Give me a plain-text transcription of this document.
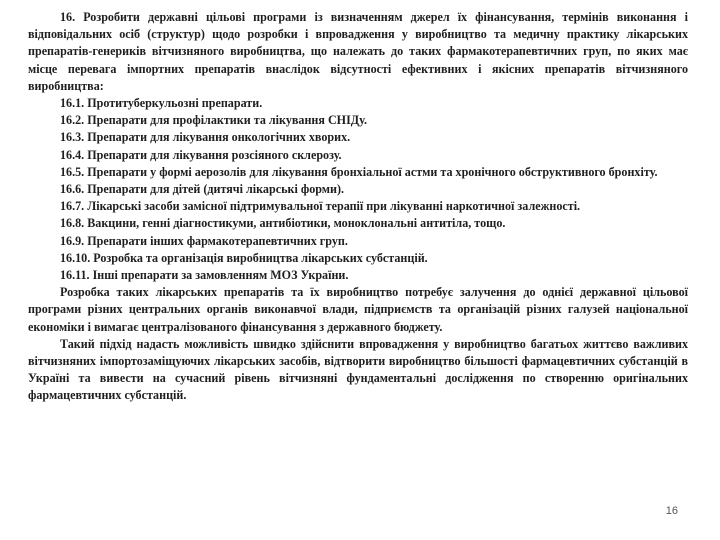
16. Розробити державні цільові програми із визначенням джерел їх фінансування, термінів виконання і відповідальних осіб (структур) щодо розробки і впровадження у виробництво та медичну практику лікарських препаратів-генериків вітчизняного виробництва, що належать до таких фармакотерапевтичних груп, по яких має місце перевага імпортних препаратів внаслідок відсутності ефективних і якісних препаратів вітчизняного виробництва:

16.1. Протитуберкульозні препарати.

16.2. Препарати для профілактики та лікування СНІДу.

16.3. Препарати для лікування онкологічних хворих.

16.4. Препарати для лікування розсіяного склерозу.

16.5. Препарати у формі аерозолів для лікування бронхіальної астми та хронічного обструктивного бронхіту.

16.6. Препарати для дітей (дитячі лікарські форми).

16.7. Лікарські засоби замісної підтримувальної терапії при лікуванні наркотичної залежності.

16.8. Вакцини, генні діагностикуми, антибіотики, моноклональні антитіла, тощо.

16.9. Препарати інших фармакотерапевтичних груп.

16.10. Розробка та організація виробництва лікарських субстанцій.

16.11. Інші препарати за замовленням МОЗ України.

Розробка таких лікарських препаратів та їх виробництво потребує залучення до однієї державної цільової програми різних центральних органів виконавчої влади, підприємств та організацій різних галузей національної економіки і вимагає централізованого фінансування з державного бюджету.

Такий підхід надасть можливість швидко здійснити впровадження у виробництво багатьох життєво важливих вітчизняних імпортозаміщуючих лікарських засобів, відтворити виробництво більшості фармацевтичних субстанцій в Україні та вивести на сучасний рівень вітчизняні фундаментальні дослідження по створенню оригінальних фармацевтичних субстанцій.

16
